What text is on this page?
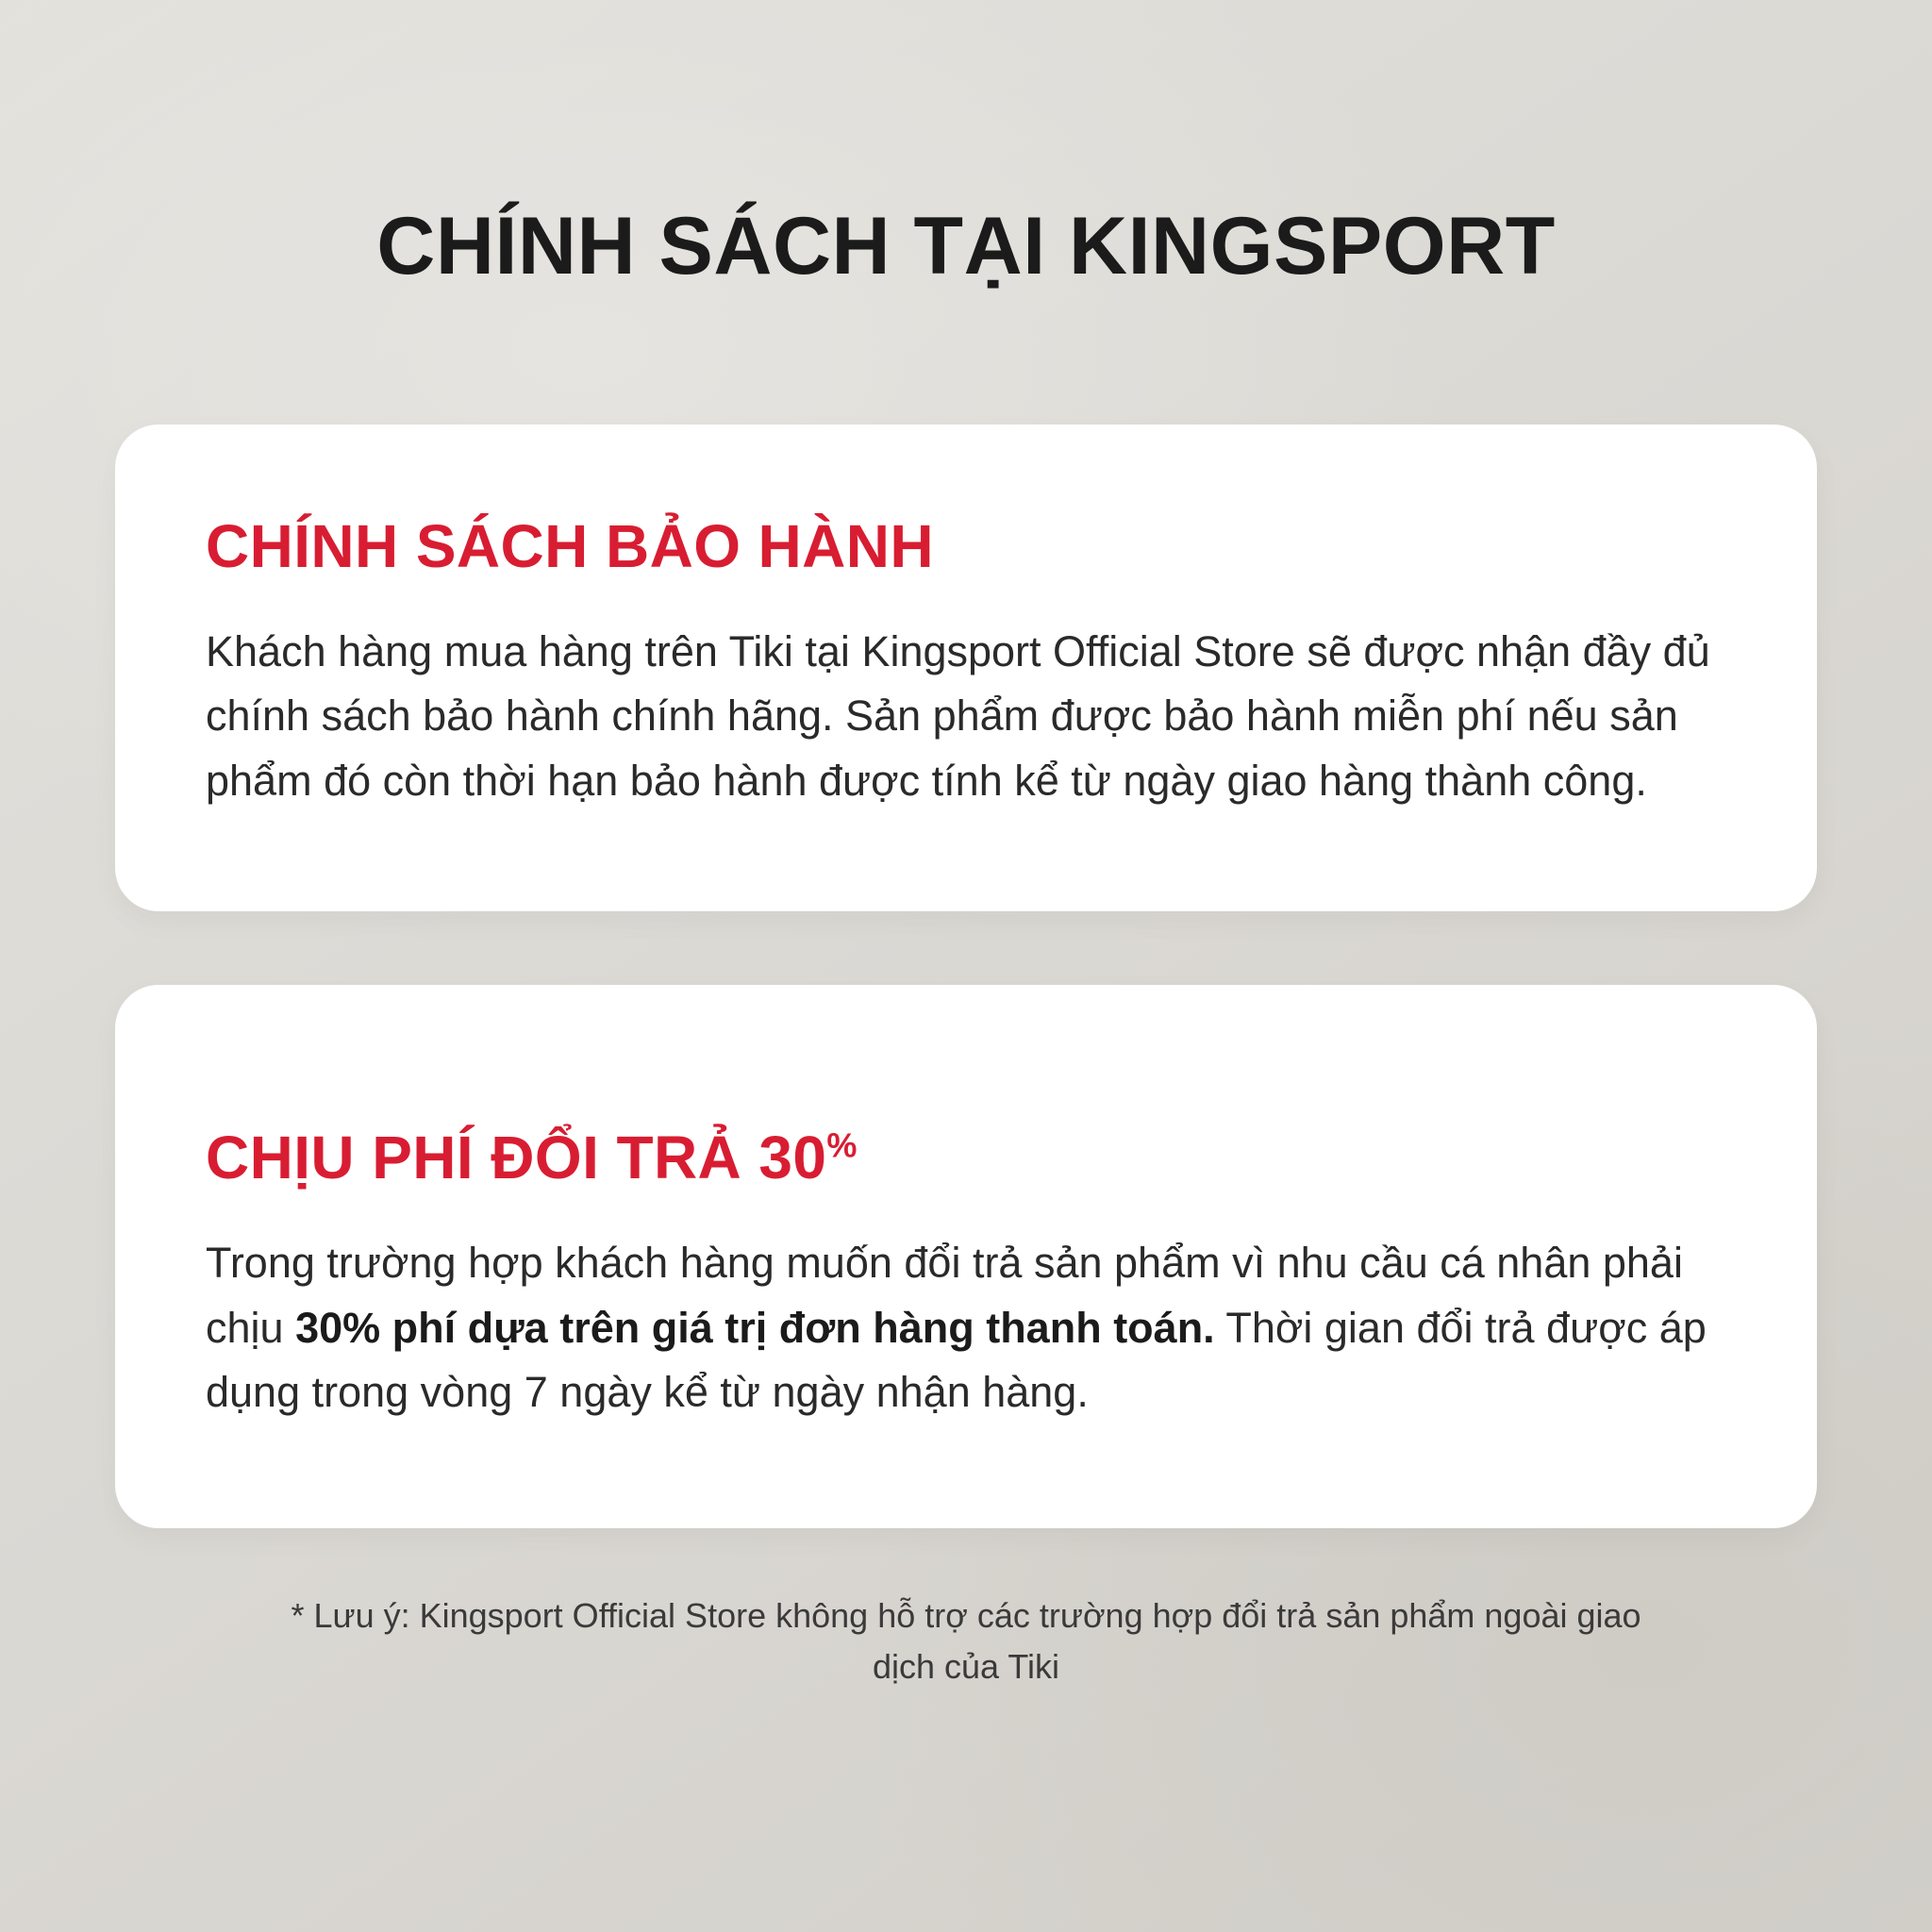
CHÍNH SÁCH TẠI KINGSPORT
CHÍNH SÁCH BẢO HÀNH

Khách hàng mua hàng trên Tiki tại Kingsport Official Store sẽ được nhận đầy đủ chính sách bảo hành chính hãng. Sản phẩm được bảo hành miễn phí nếu sản phẩm đó còn thời hạn bảo hành được tính kể từ ngày giao hàng thành công.

CHỊU PHÍ ĐỔI TRẢ 30%

Trong trường hợp khách hàng muốn đổi trả sản phẩm vì nhu cầu cá nhân phải chịu 30% phí dựa trên giá trị đơn hàng thanh toán. Thời gian đổi trả được áp dụng trong vòng 7 ngày kể từ ngày nhận hàng.

* Lưu ý: Kingsport Official Store không hỗ trợ các trường hợp đổi trả sản phẩm ngoài giao dịch của Tiki
